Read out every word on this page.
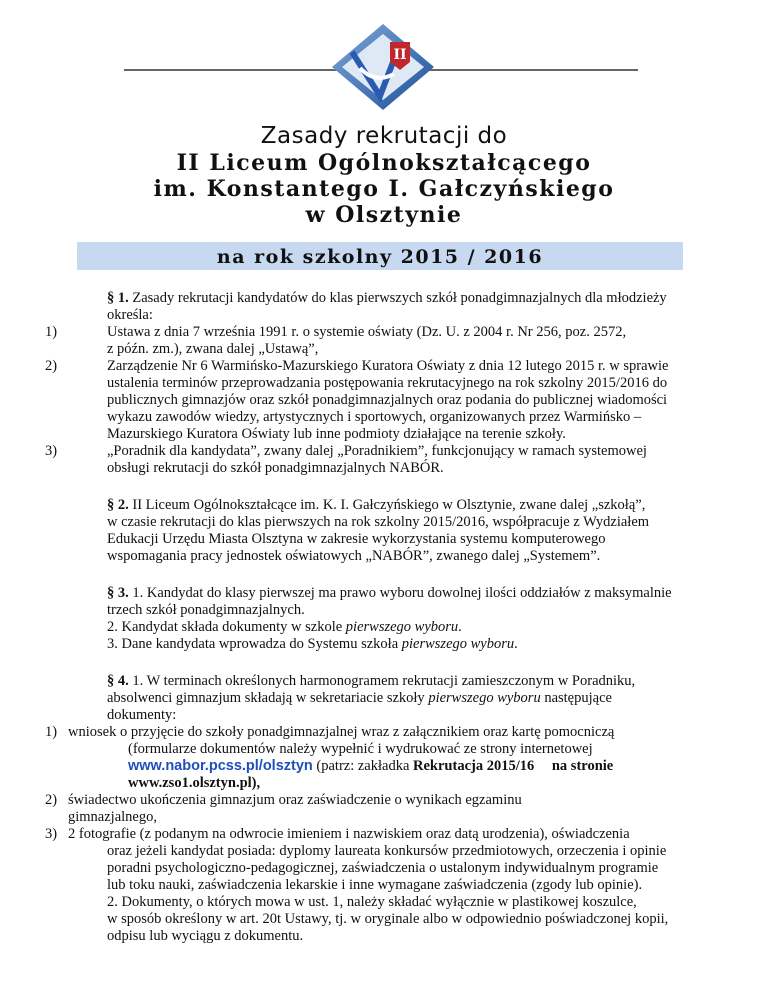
II
Zasady rekrutacji do
II Liceum Ogólnokształcącego
im. Konstantego I. Gałczyńskiego
w Olsztynie
na rok szkolny 2015 / 2016
§ 1. Zasady rekrutacji kandydatów do klas pierwszych szkół ponadgimnazjalnych dla młodzieży
określa:
1)	Ustawa z dnia 7 września 1991 r. o systemie oświaty (Dz. U. z 2004 r. Nr 256, poz. 2572,
z późn. zm.), zwana dalej „Ustawą”,
2)	Zarządzenie Nr 6 Warmińsko-Mazurskiego Kuratora Oświaty z dnia 12 lutego 2015 r. w sprawie
ustalenia terminów przeprowadzania postępowania rekrutacyjnego na rok szkolny 2015/2016 do
publicznych gimnazjów oraz szkół ponadgimnazjalnych oraz podania do publicznej wiadomości
wykazu zawodów wiedzy, artystycznych i sportowych, organizowanych przez Warmińsko –
Mazurskiego Kuratora Oświaty lub inne podmioty działające na terenie szkoły.
3)	„Poradnik dla kandydata”, zwany dalej „Poradnikiem”, funkcjonujący w ramach systemowej
obsługi rekrutacji do szkół ponadgimnazjalnych NABÓR.
§ 2. II Liceum Ogólnokształcące im. K. I. Gałczyńskiego w Olsztynie, zwane dalej „szkołą”,
w czasie rekrutacji do klas pierwszych na rok szkolny 2015/2016, współpracuje z Wydziałem
Edukacji Urzędu Miasta Olsztyna w zakresie wykorzystania systemu komputerowego
wspomagania pracy jednostek oświatowych „NABÓR”, zwanego dalej „Systemem”.
§ 3. 1. Kandydat do klasy pierwszej ma prawo wyboru dowolnej ilości oddziałów z maksymalnie
trzech szkół ponadgimnazjalnych.
2. Kandydat składa dokumenty w szkole pierwszego wyboru.
3. Dane kandydata wprowadza do Systemu szkoła pierwszego wyboru.
§ 4. 1. W terminach określonych harmonogramem rekrutacji zamieszczonym w Poradniku,
absolwenci gimnazjum składają w sekretariacie szkoły pierwszego wyboru następujące
dokumenty:
1) wniosek o przyjęcie do szkoły ponadgimnazjalnej wraz z załącznikiem oraz kartę pomocniczą
(formularze dokumentów należy wypełnić i wydrukować ze strony internetowej
www.nabor.pcss.pl/olsztyn (patrz: zakładka Rekrutacja 2015/16 na stronie
www.zso1.olsztyn.pl),
2) świadectwo ukończenia gimnazjum oraz zaświadczenie o wynikach egzaminu
gimnazjalnego,
3) 2 fotografie (z podanym na odwrocie imieniem i nazwiskiem oraz datą urodzenia), oświadczenia
oraz jeżeli kandydat posiada: dyplomy laureata konkursów przedmiotowych, orzeczenia i opinie
poradni psychologiczno-pedagogicznej, zaświadczenia o ustalonym indywidualnym programie
lub toku nauki, zaświadczenia lekarskie i inne wymagane zaświadczenia (zgody lub opinie).
2. Dokumenty, o których mowa w ust. 1, należy składać wyłącznie w plastikowej koszulce,
w sposób określony w art. 20t Ustawy, tj. w oryginale albo w odpowiednio poświadczonej kopii,
odpisu lub wyciągu z dokumentu.
